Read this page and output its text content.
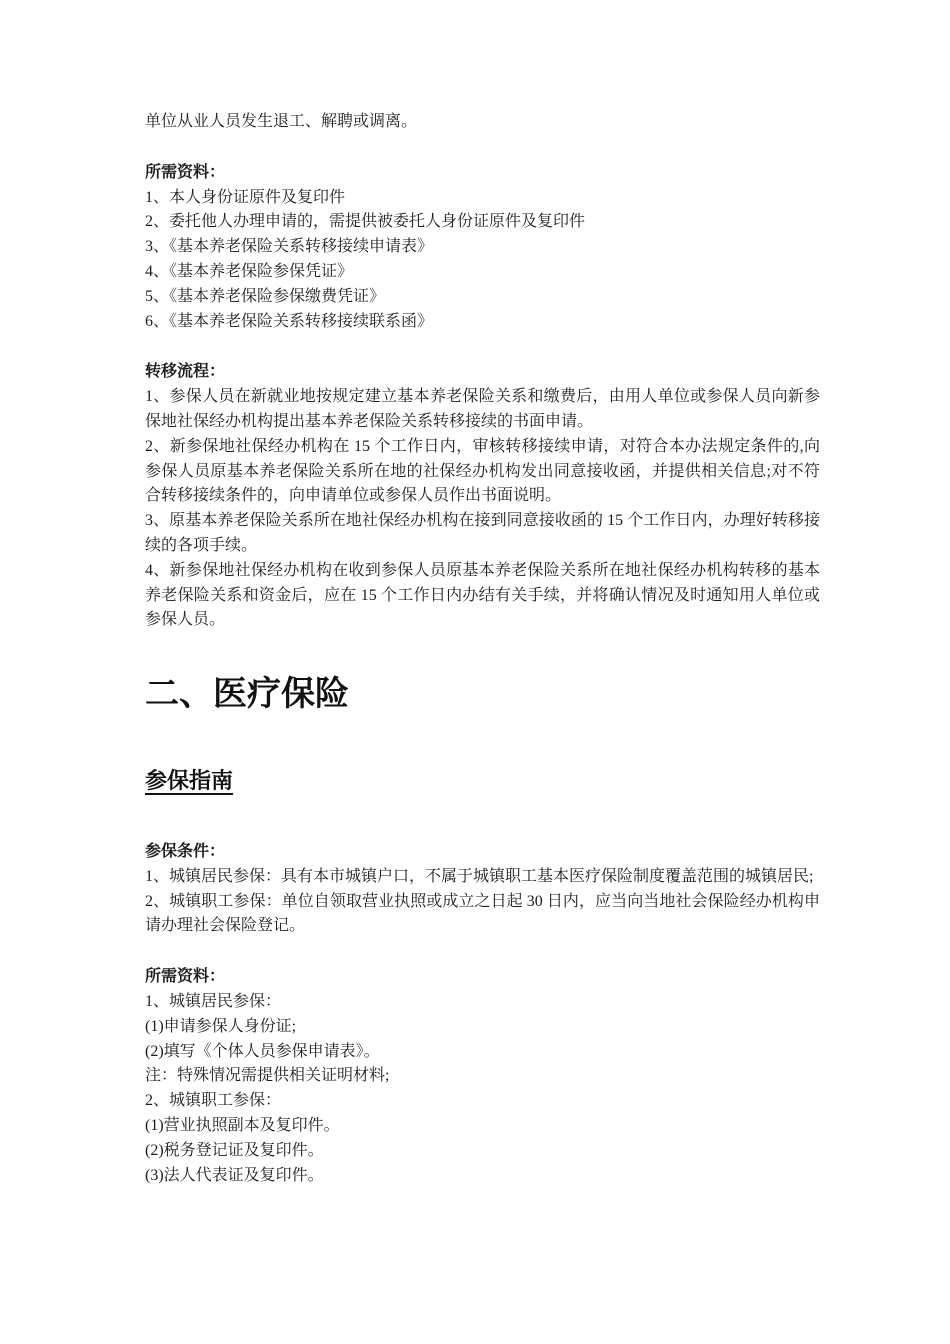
单位从业人员发生退工、解聘或调离。
所需资料：
1、本人身份证原件及复印件
2、委托他人办理申请的，需提供被委托人身份证原件及复印件
3、《基本养老保险关系转移接续申请表》
4、《基本养老保险参保凭证》
5、《基本养老保险参保缴费凭证》
6、《基本养老保险关系转移接续联系函》
转移流程：
1、参保人员在新就业地按规定建立基本养老保险关系和缴费后，由用人单位或参保人员向新参保地社保经办机构提出基本养老保险关系转移接续的书面申请。
2、新参保地社保经办机构在 15 个工作日内，审核转移接续申请，对符合本办法规定条件的,向参保人员原基本养老保险关系所在地的社保经办机构发出同意接收函，并提供相关信息;对不符合转移接续条件的，向申请单位或参保人员作出书面说明。
3、原基本养老保险关系所在地社保经办机构在接到同意接收函的 15 个工作日内，办理好转移接续的各项手续。
4、新参保地社保经办机构在收到参保人员原基本养老保险关系所在地社保经办机构转移的基本养老保险关系和资金后，应在 15 个工作日内办结有关手续，并将确认情况及时通知用人单位或参保人员。
二、医疗保险
参保指南
参保条件：
1、城镇居民参保：具有本市城镇户口，不属于城镇职工基本医疗保险制度覆盖范围的城镇居民;
2、城镇职工参保：单位自领取营业执照或成立之日起 30 日内，应当向当地社会保险经办机构申请办理社会保险登记。
所需资料：
1、城镇居民参保：
(1)申请参保人身份证;
(2)填写《个体人员参保申请表》。
注：特殊情况需提供相关证明材料;
2、城镇职工参保：
(1)营业执照副本及复印件。
(2)税务登记证及复印件。
(3)法人代表证及复印件。
